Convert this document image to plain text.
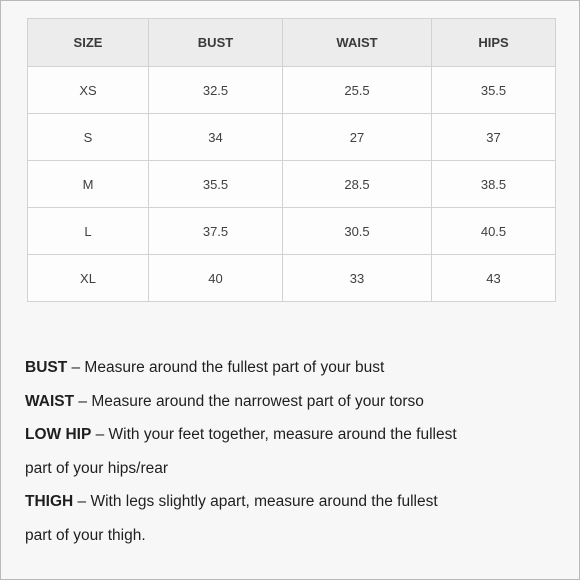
SIZE	BUST	WAIST	HIPS
XS	32.5	25.5	35.5
S	34	27	37
M	35.5	28.5	38.5
L	37.5	30.5	40.5
XL	40	33	43
BUST – Measure around the fullest part of your bust
WAIST – Measure around the narrowest part of your torso
LOW HIP – With your feet together, measure around the fullest
part of your hips/rear
THIGH – With legs slightly apart, measure around the fullest
part of your thigh.
